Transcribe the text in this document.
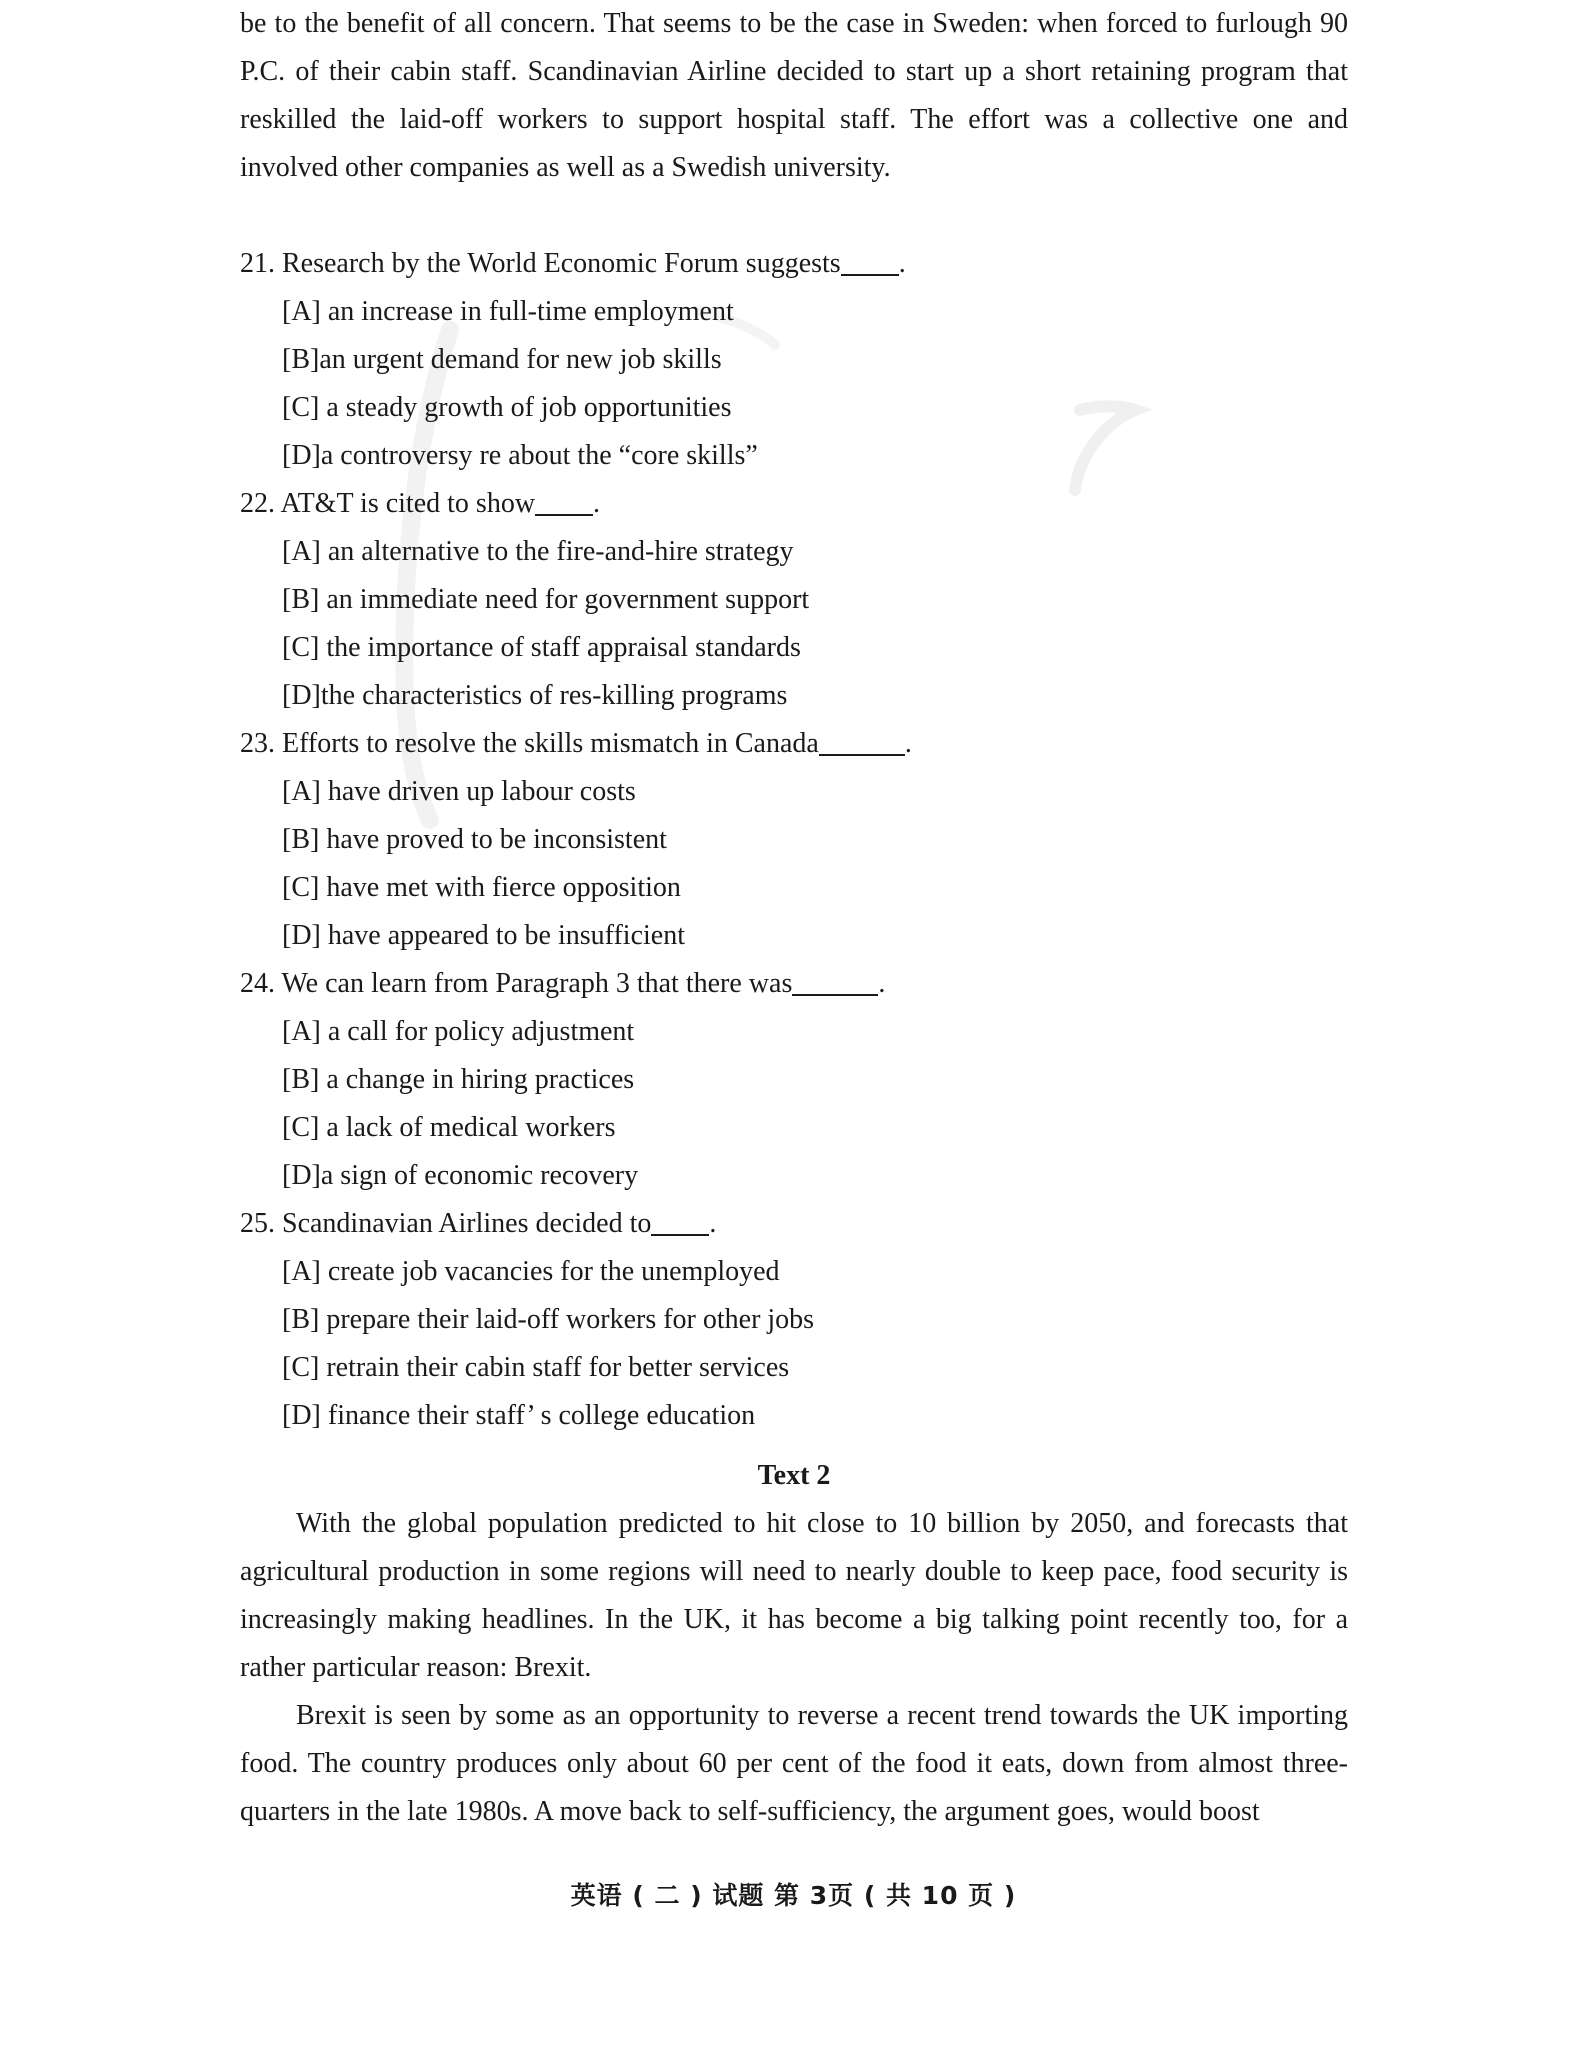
be to the benefit of all concern. That seems to be the case in Sweden: when forced to furlough 90 P.C. of their cabin staff. Scandinavian Airline decided to start up a short retaining program that reskilled the laid-off workers to support hospital staff. The effort was a collective one and involved other companies as well as a Swedish university.

21. Research by the World Economic Forum suggests .

[A] an increase in full-time employment

[B]an urgent demand for new job skills

[C] a steady growth of job opportunities

[D]a controversy re about the “core skills”

22. AT&T is cited to show .

[A] an alternative to the fire-and-hire strategy

[B] an immediate need for government support

[C] the importance of staff appraisal standards

[D]the characteristics of res-killing programs

23. Efforts to resolve the skills mismatch in Canada	.

[A] have driven up labour costs

[B] have proved to be inconsistent

[C] have met with fierce opposition

[D] have appeared to be insufficient

24. We can learn from Paragraph 3 that there was	.

[A] a call for policy adjustment

[B] a change in hiring practices

[C] a lack of medical workers

[D]a sign of economic recovery

25. Scandinavian Airlines decided to .

[A] create job vacancies for the unemployed

[B] prepare their laid-off workers for other jobs

[C] retrain their cabin staff for better services

[D] finance their staff’ s college education

Text 2

With the global population predicted to hit close to 10 billion by 2050, and forecasts that agricultural production in some regions will need to nearly double to keep pace, food security is increasingly making headlines. In the UK, it has become a big talking point recently too, for a rather particular reason: Brexit.

Brexit is seen by some as an opportunity to reverse a recent trend towards the UK importing food. The country produces only about 60 per cent of the food it eats, down from almost three-quarters in the late 1980s. A move back to self-sufficiency, the argument goes, would boost

英语 ( 二 ) 试题 第 3页 ( 共 10 页 )
